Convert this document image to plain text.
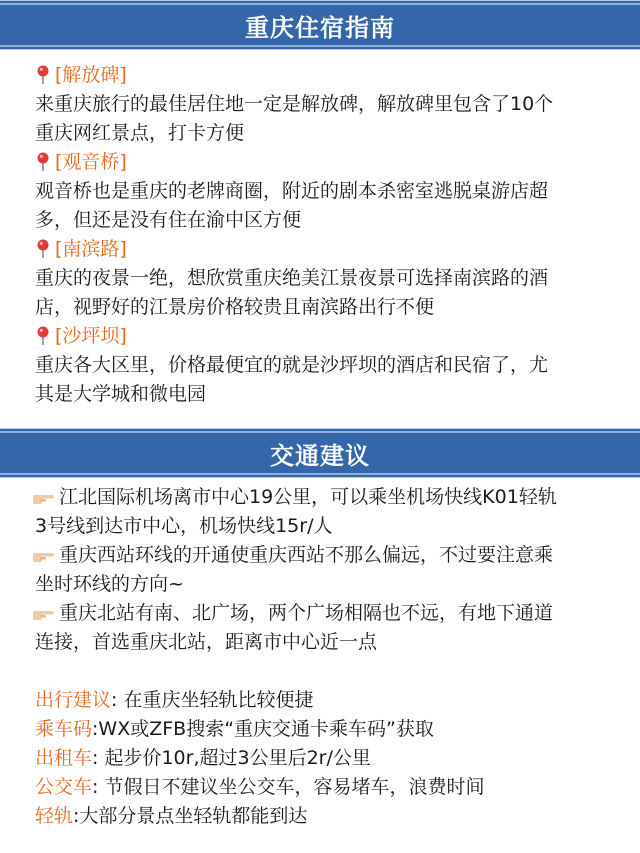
重庆住宿指南
[解放碑]
来重庆旅行的最佳居住地一定是解放碑，解放碑里包含了10个
重庆网红景点，打卡方便
[观音桥]
观音桥也是重庆的老牌商圈，附近的剧本杀密室逃脱桌游店超
多，但还是没有住在渝中区方便
[南滨路]
重庆的夜景一绝，想欣赏重庆绝美江景夜景可选择南滨路的酒
店，视野好的江景房价格较贵且南滨路出行不便
[沙坪坝]
重庆各大区里，价格最便宜的就是沙坪坝的酒店和民宿了，尤
其是大学城和微电园
交通建议
江北国际机场离市中心19公里，可以乘坐机场快线K01轻轨
3号线到达市中心，机场快线15r/人
重庆西站环线的开通使重庆西站不那么偏远，不过要注意乘
坐时环线的方向~
重庆北站有南、北广场，两个广场相隔也不远，有地下通道
连接，首选重庆北站，距离市中心近一点
出行建议: 在重庆坐轻轨比较便捷
乘车码:WX或ZFB搜索“重庆交通卡乘车码”获取
出租车: 起步价10r,超过3公里后2r/公里
公交车: 节假日不建议坐公交车，容易堵车，浪费时间
轻轨:大部分景点坐轻轨都能到达
